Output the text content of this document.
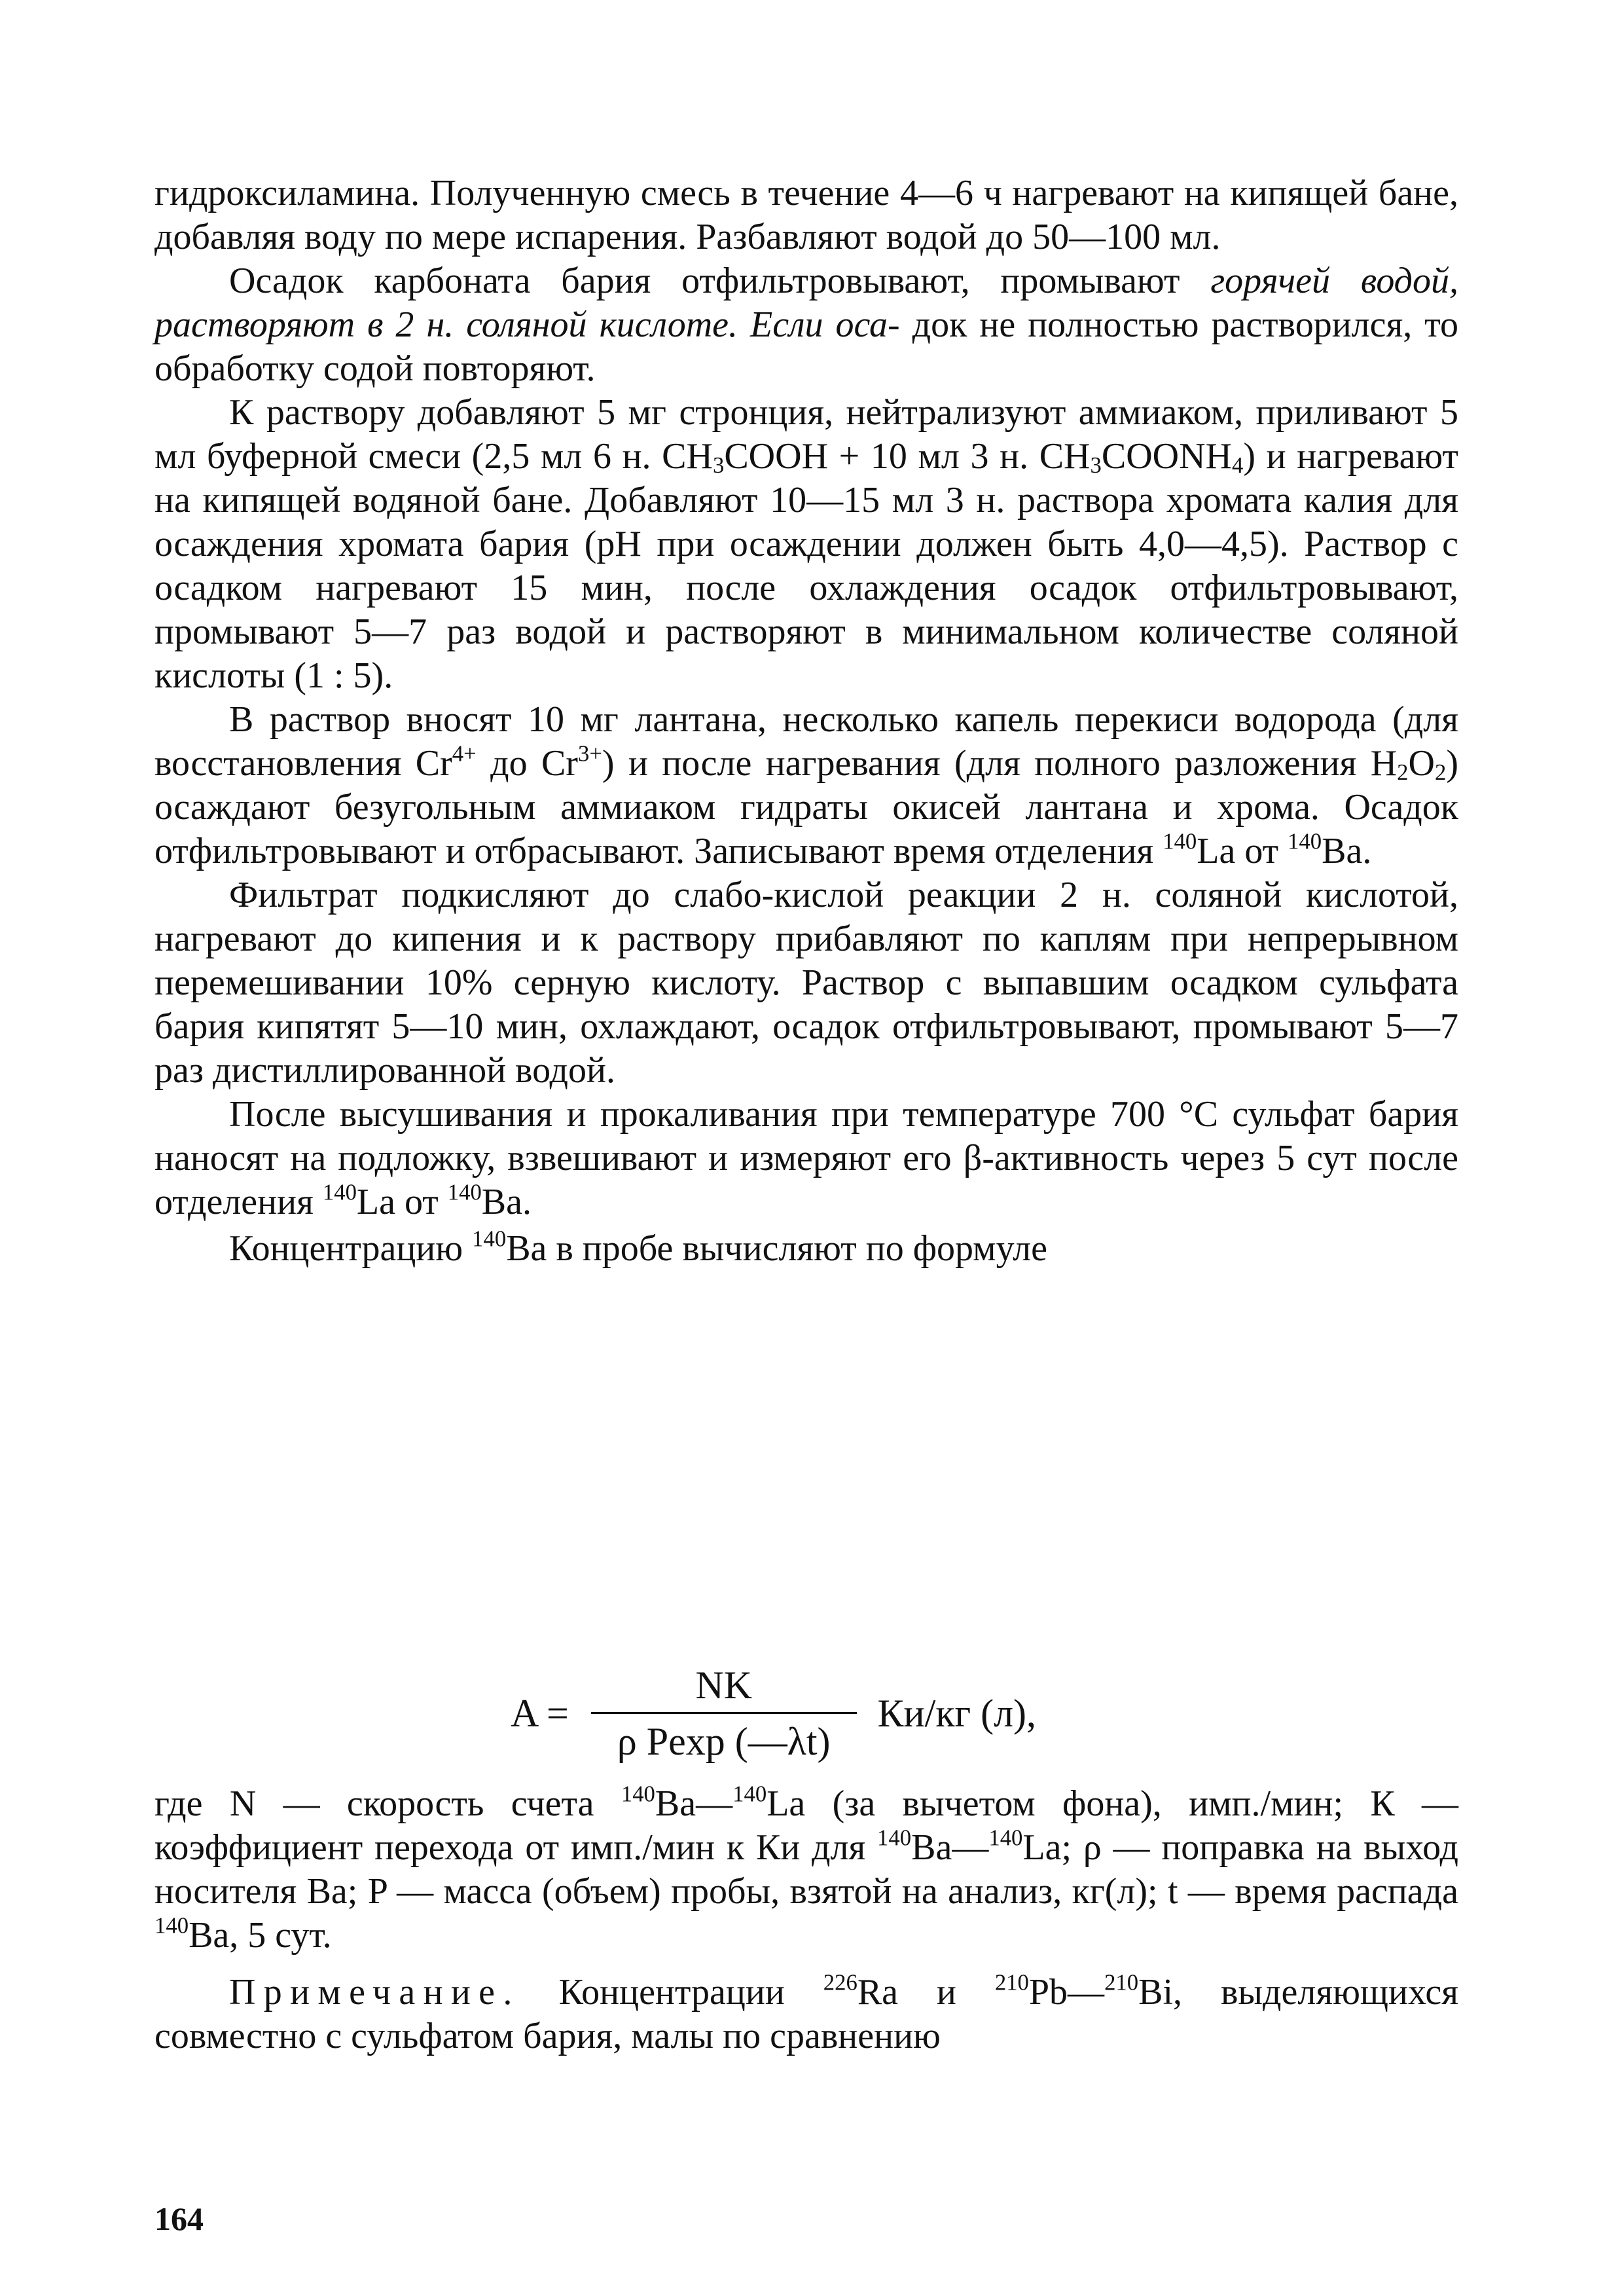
гидроксиламина. Полученную смесь в течение 4—6 ч нагревают на кипящей бане, добавляя воду по мере испарения. Разбавляют водой до 50—100 мл.

Осадок карбоната бария отфильтровывают, промывают горячей водой, растворяют в 2 н. соляной кислоте. Если оса- док не полностью растворился, то обработку содой повторяют.

К раствору добавляют 5 мг стронция, нейтрализуют аммиаком, приливают 5 мл буферной смеси (2,5 мл 6 н. $CH_3COOH + 10$ мл 3 н. $CH_3COONH_4$) и нагревают на кипящей водяной бане. Добавляют 10—15 мл 3 н. раствора хромата калия для осаждения хромата бария (pH при осаждении должен быть 4,0—4,5). Раствор с осадком нагревают 15 мин, после охлаждения осадок отфильтровывают, промывают 5—7 раз водой и растворяют в минимальном количестве соляной кислоты (1 : 5).

В раствор вносят 10 мг лантана, несколько капель перекиси водорода (для восстановления $Cr^{4+}$ до $Cr^{3+}$) и после нагревания (для полного разложения $H_2O_2$) осаждают безугольным аммиаком гидраты окисей лантана и хрома. Осадок отфильтровывают и отбрасывают. Записывают время отделения $^{140}$La от $^{140}$Ba.

Фильтрат подкисляют до слабо-кислой реакции 2 н. соляной кислотой, нагревают до кипения и к раствору прибавляют по каплям при непрерывном перемешивании 10% серную кислоту. Раствор с выпавшим осадком сульфата бария кипятят 5—10 мин, охлаждают, осадок отфильтровывают, промывают 5—7 раз дистиллированной водой.

После высушивания и прокаливания при температуре 700 °С сульфат бария наносят на подложку, взвешивают и измеряют его β-активность через 5 сут после отделения $^{140}$La от $^{140}$Ba.

Концентрацию $^{140}$Ba в пробе вычисляют по формуле

$A = \frac{NK}{\text{ρ Pexp (—λt)}} Ки/кг$ (л),

где N — скорость счета $^{140}$Ba—$^{140}$La (за вычетом фона), имп./мин; К — коэффициент перехода от имп./мин к Ки для $^{140}$Ba—$^{140}$La; ρ — поправка на выход носителя Ba; P — масса (объем) пробы, взятой на анализ, кг(л); t — время распада $^{140}$Ba, 5 сут.

Примечание. Концентрации $^{226}$Ra и $^{210}$Pb—$^{210}$Bi, выделяющихся совместно с сульфатом бария, малы по сравнению

164
